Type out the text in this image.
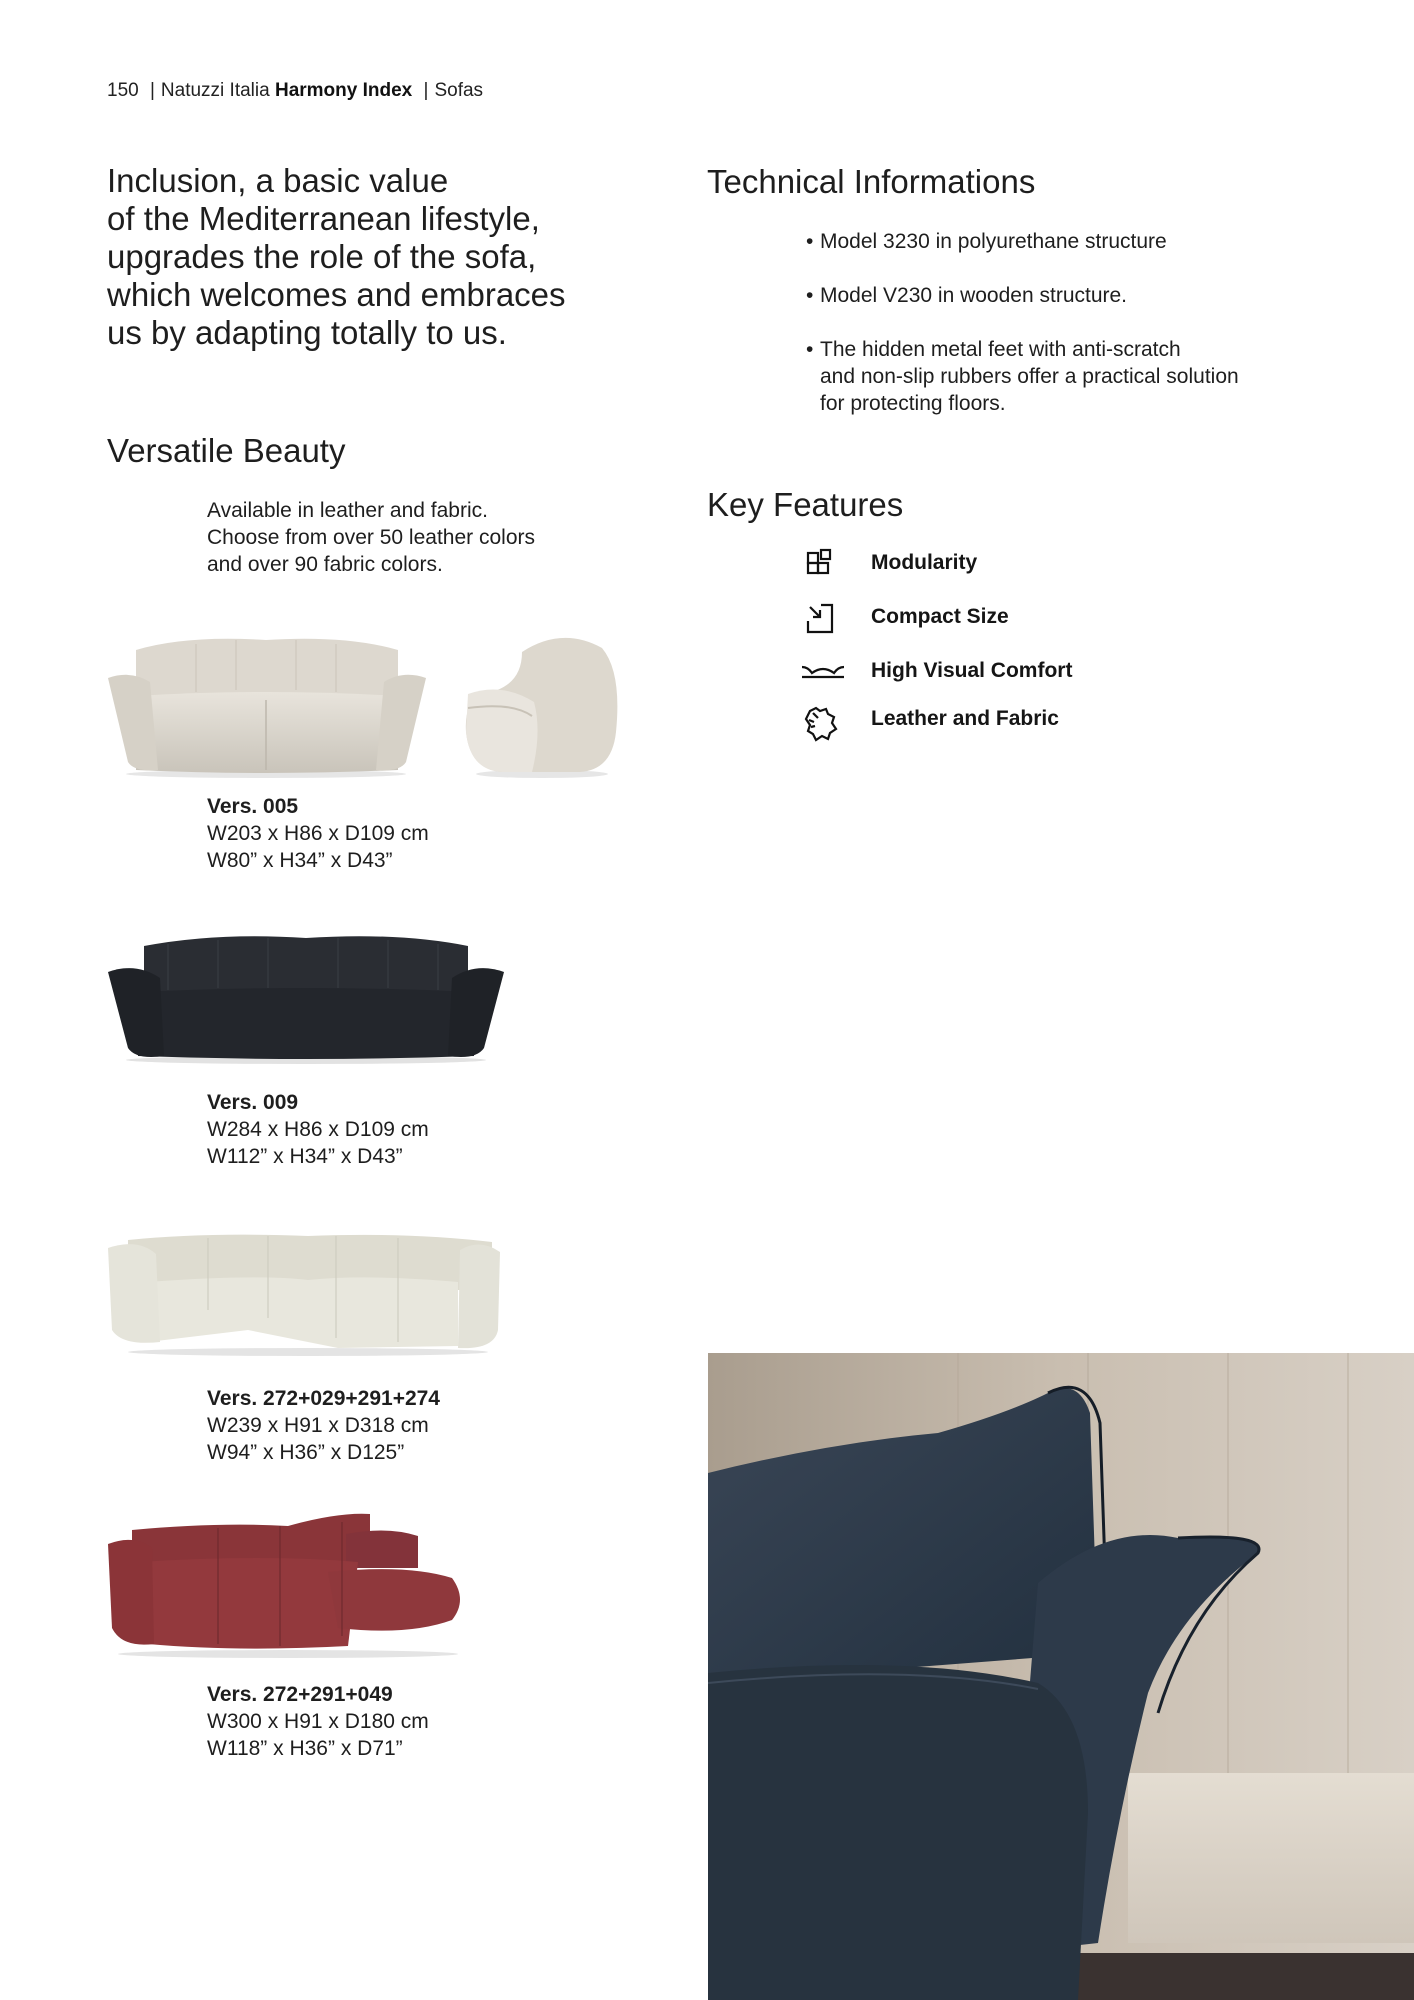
150 | Natuzzi Italia Harmony Index | Sofas
Inclusion, a basic value
of the Mediterranean lifestyle,
upgrades the role of the sofa,
which welcomes and embraces
us by adapting totally to us.
Versatile Beauty
Available in leather and fabric.
Choose from over 50 leather colors
and over 90 fabric colors.
Technical Informations
• Model 3230 in polyurethane structure
• Model V230 in wooden structure.
• The hidden metal feet with anti-scratch
and non-slip rubbers offer a practical solution
for protecting floors.
Key Features
Modularity
Compact Size
High Visual Comfort
Leather and Fabric
Vers. 005
W203 x H86 x D109 cm
W80” x H34” x D43”
Vers. 009
W284 x H86 x D109 cm
W112” x H34” x D43”
Vers. 272+029+291+274
W239 x H91 x D318 cm
W94” x H36” x D125”
Vers. 272+291+049
W300 x H91 x D180 cm
W118” x H36” x D71”
